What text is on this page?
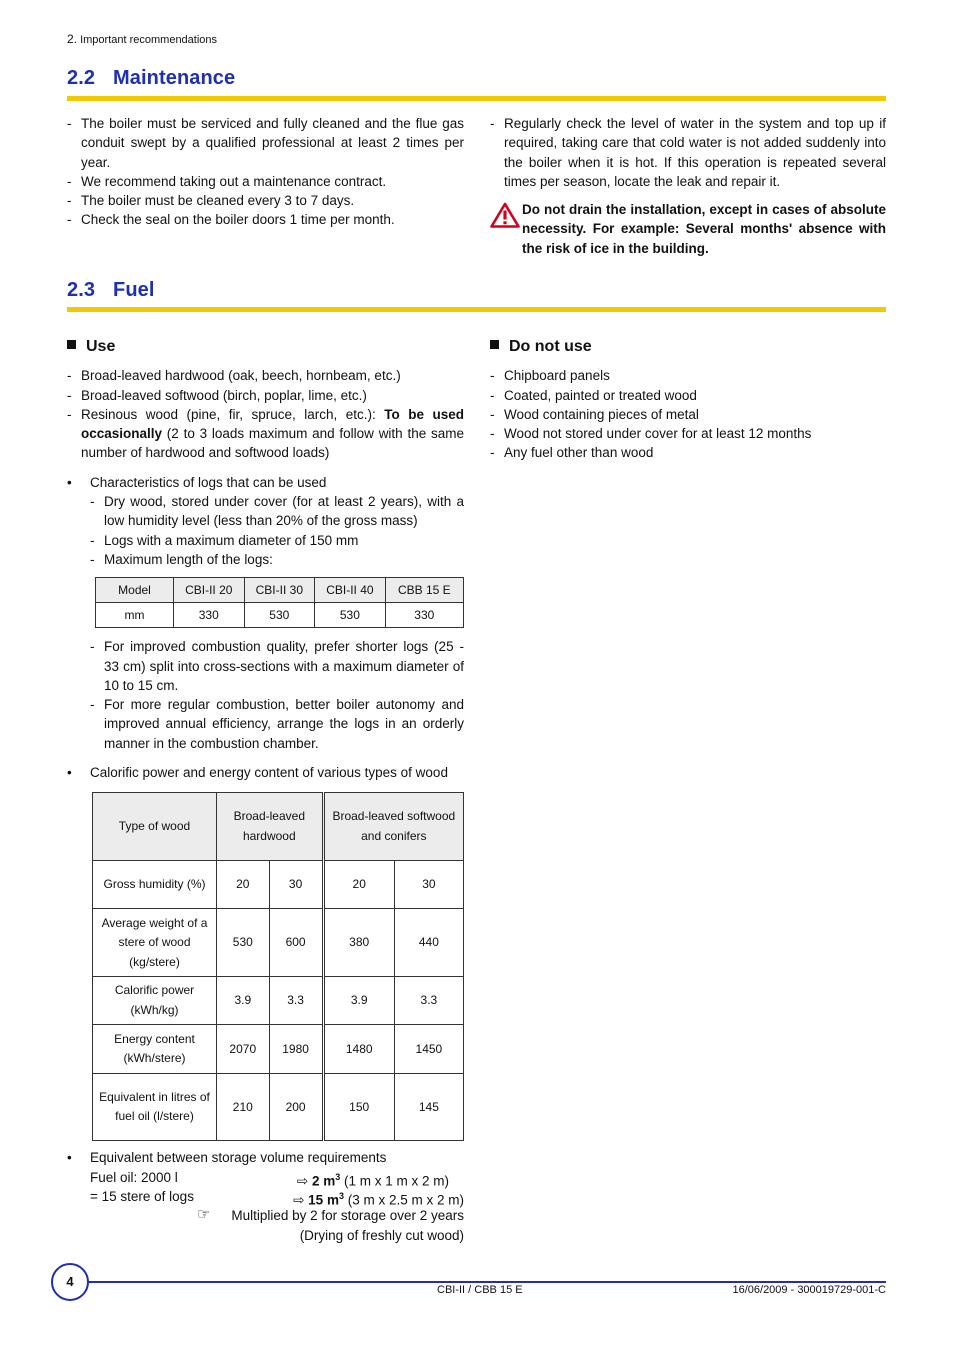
2. Important recommendations
2.2 Maintenance
- The boiler must be serviced and fully cleaned and the flue gas conduit swept by a qualified professional at least 2 times per year.
- We recommend taking out a maintenance contract.
- The boiler must be cleaned every 3 to 7 days.
- Check the seal on the boiler doors 1 time per month.
- Regularly check the level of water in the system and top up if required, taking care that cold water is not added suddenly into the boiler when it is hot. If this operation is repeated several times per season, locate the leak and repair it.
Do not drain the installation, except in cases of absolute necessity. For example: Several months' absence with the risk of ice in the building.
2.3 Fuel
Use
- Broad-leaved hardwood (oak, beech, hornbeam, etc.)
- Broad-leaved softwood (birch, poplar, lime, etc.)
- Resinous wood (pine, fir, spruce, larch, etc.): To be used occasionally (2 to 3 loads maximum and follow with the same number of hardwood and softwood loads)
• Characteristics of logs that can be used
- Dry wood, stored under cover (for at least 2 years), with a low humidity level (less than 20% of the gross mass)
- Logs with a maximum diameter of 150 mm
- Maximum length of the logs:
Model	CBI-II 20	CBI-II 30	CBI-II 40	CBB 15 E
mm	330	530	530	330
- For improved combustion quality, prefer shorter logs (25 - 33 cm) split into cross-sections with a maximum diameter of 10 to 15 cm.
- For more regular combustion, better boiler autonomy and improved annual efficiency, arrange the logs in an orderly manner in the combustion chamber.
• Calorific power and energy content of various types of wood
Type of wood	Broad-leaved hardwood		Broad-leaved softwood and conifers	
Gross humidity (%)	20	30	20	30
Average weight of a stere of wood (kg/stere)	530	600	380	440
Calorific power (kWh/kg)	3.9	3.3	3.9	3.3
Energy content (kWh/stere)	2070	1980	1480	1450
Equivalent in litres of fuel oil (l/stere)	210	200	150	145
• Equivalent between storage volume requirements
Fuel oil: 2000 l	⇨ 2 $m^3$ (1 m x 1 m x 2 m)
= 15 stere of logs	⇨ 15 $m^3$ (3 m x 2.5 m x 2 m)
☞ Multiplied by 2 for storage over 2 years
(Drying of freshly cut wood)
Do not use
- Chipboard panels
- Coated, painted or treated wood
- Wood containing pieces of metal
- Wood not stored under cover for at least 12 months
- Any fuel other than wood
4
CBI-II / CBB 15 E	16/06/2009 - 300019729-001-C
